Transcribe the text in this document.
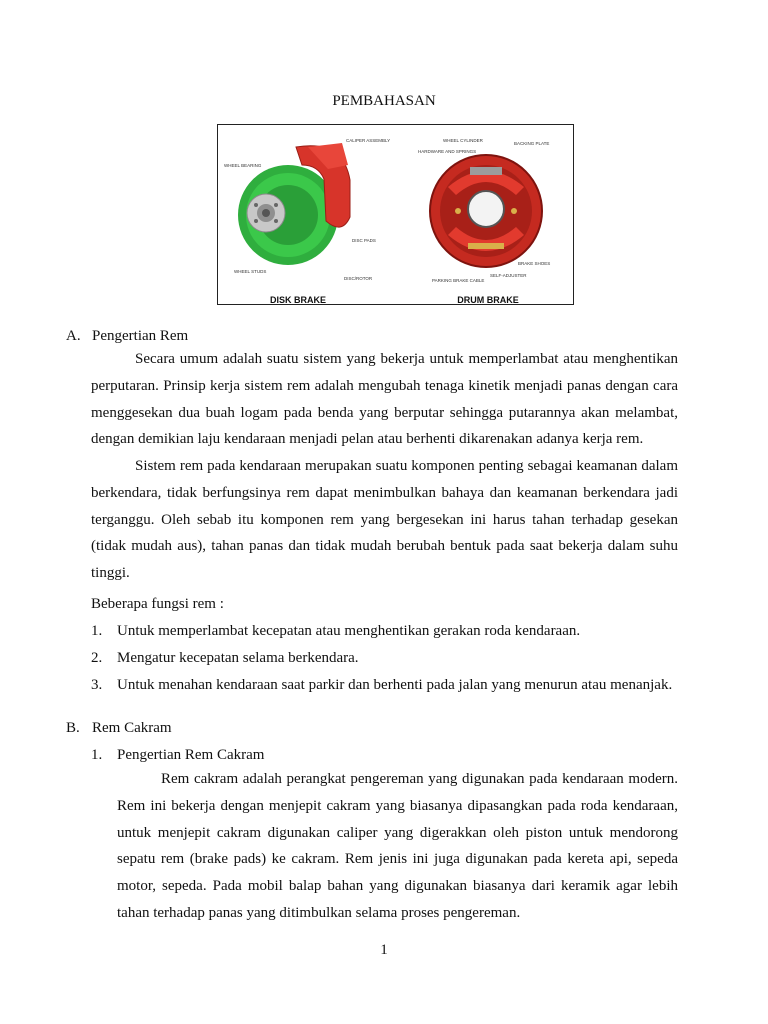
PEMBAHASAN
CALIPER ASSEMBLY
WHEEL BEARING
DISC PADS
WHEEL STUDS
DISC/ROTOR
DISK BRAKE
WHEEL CYLINDER
BACKING PLATE
HARDWARE AND SPRINGS
BRAKE SHOES
SELF-ADJUSTER
PARKING BRAKE CABLE
DRUM BRAKE
A. Pengertian Rem
Secara umum adalah suatu sistem yang bekerja untuk memperlambat atau menghentikan perputaran. Prinsip kerja sistem rem adalah mengubah tenaga kinetik menjadi panas dengan cara menggesekan dua buah logam pada benda yang berputar sehingga putarannya akan melambat, dengan demikian laju kendaraan menjadi pelan atau berhenti dikarenakan adanya kerja rem.
Sistem rem pada kendaraan merupakan suatu komponen penting sebagai keamanan dalam berkendara, tidak berfungsinya rem dapat menimbulkan bahaya dan keamanan berkendara jadi terganggu. Oleh sebab itu komponen rem yang bergesekan ini harus tahan terhadap gesekan (tidak mudah aus), tahan panas dan tidak mudah berubah bentuk pada saat bekerja dalam suhu tinggi.
Beberapa fungsi rem :
1. Untuk memperlambat kecepatan atau menghentikan gerakan roda kendaraan.
2. Mengatur kecepatan selama berkendara.
3. Untuk menahan kendaraan saat parkir dan berhenti pada jalan yang menurun atau menanjak.
B. Rem Cakram
1. Pengertian Rem Cakram
Rem cakram adalah perangkat pengereman yang digunakan pada kendaraan modern. Rem ini bekerja dengan menjepit cakram yang biasanya dipasangkan pada roda kendaraan, untuk menjepit cakram digunakan caliper yang digerakkan oleh piston untuk mendorong sepatu rem (brake pads) ke cakram. Rem jenis ini juga digunakan pada kereta api, sepeda motor, sepeda. Pada mobil balap bahan yang digunakan biasanya dari keramik agar lebih tahan terhadap panas yang ditimbulkan selama proses pengereman.
1
